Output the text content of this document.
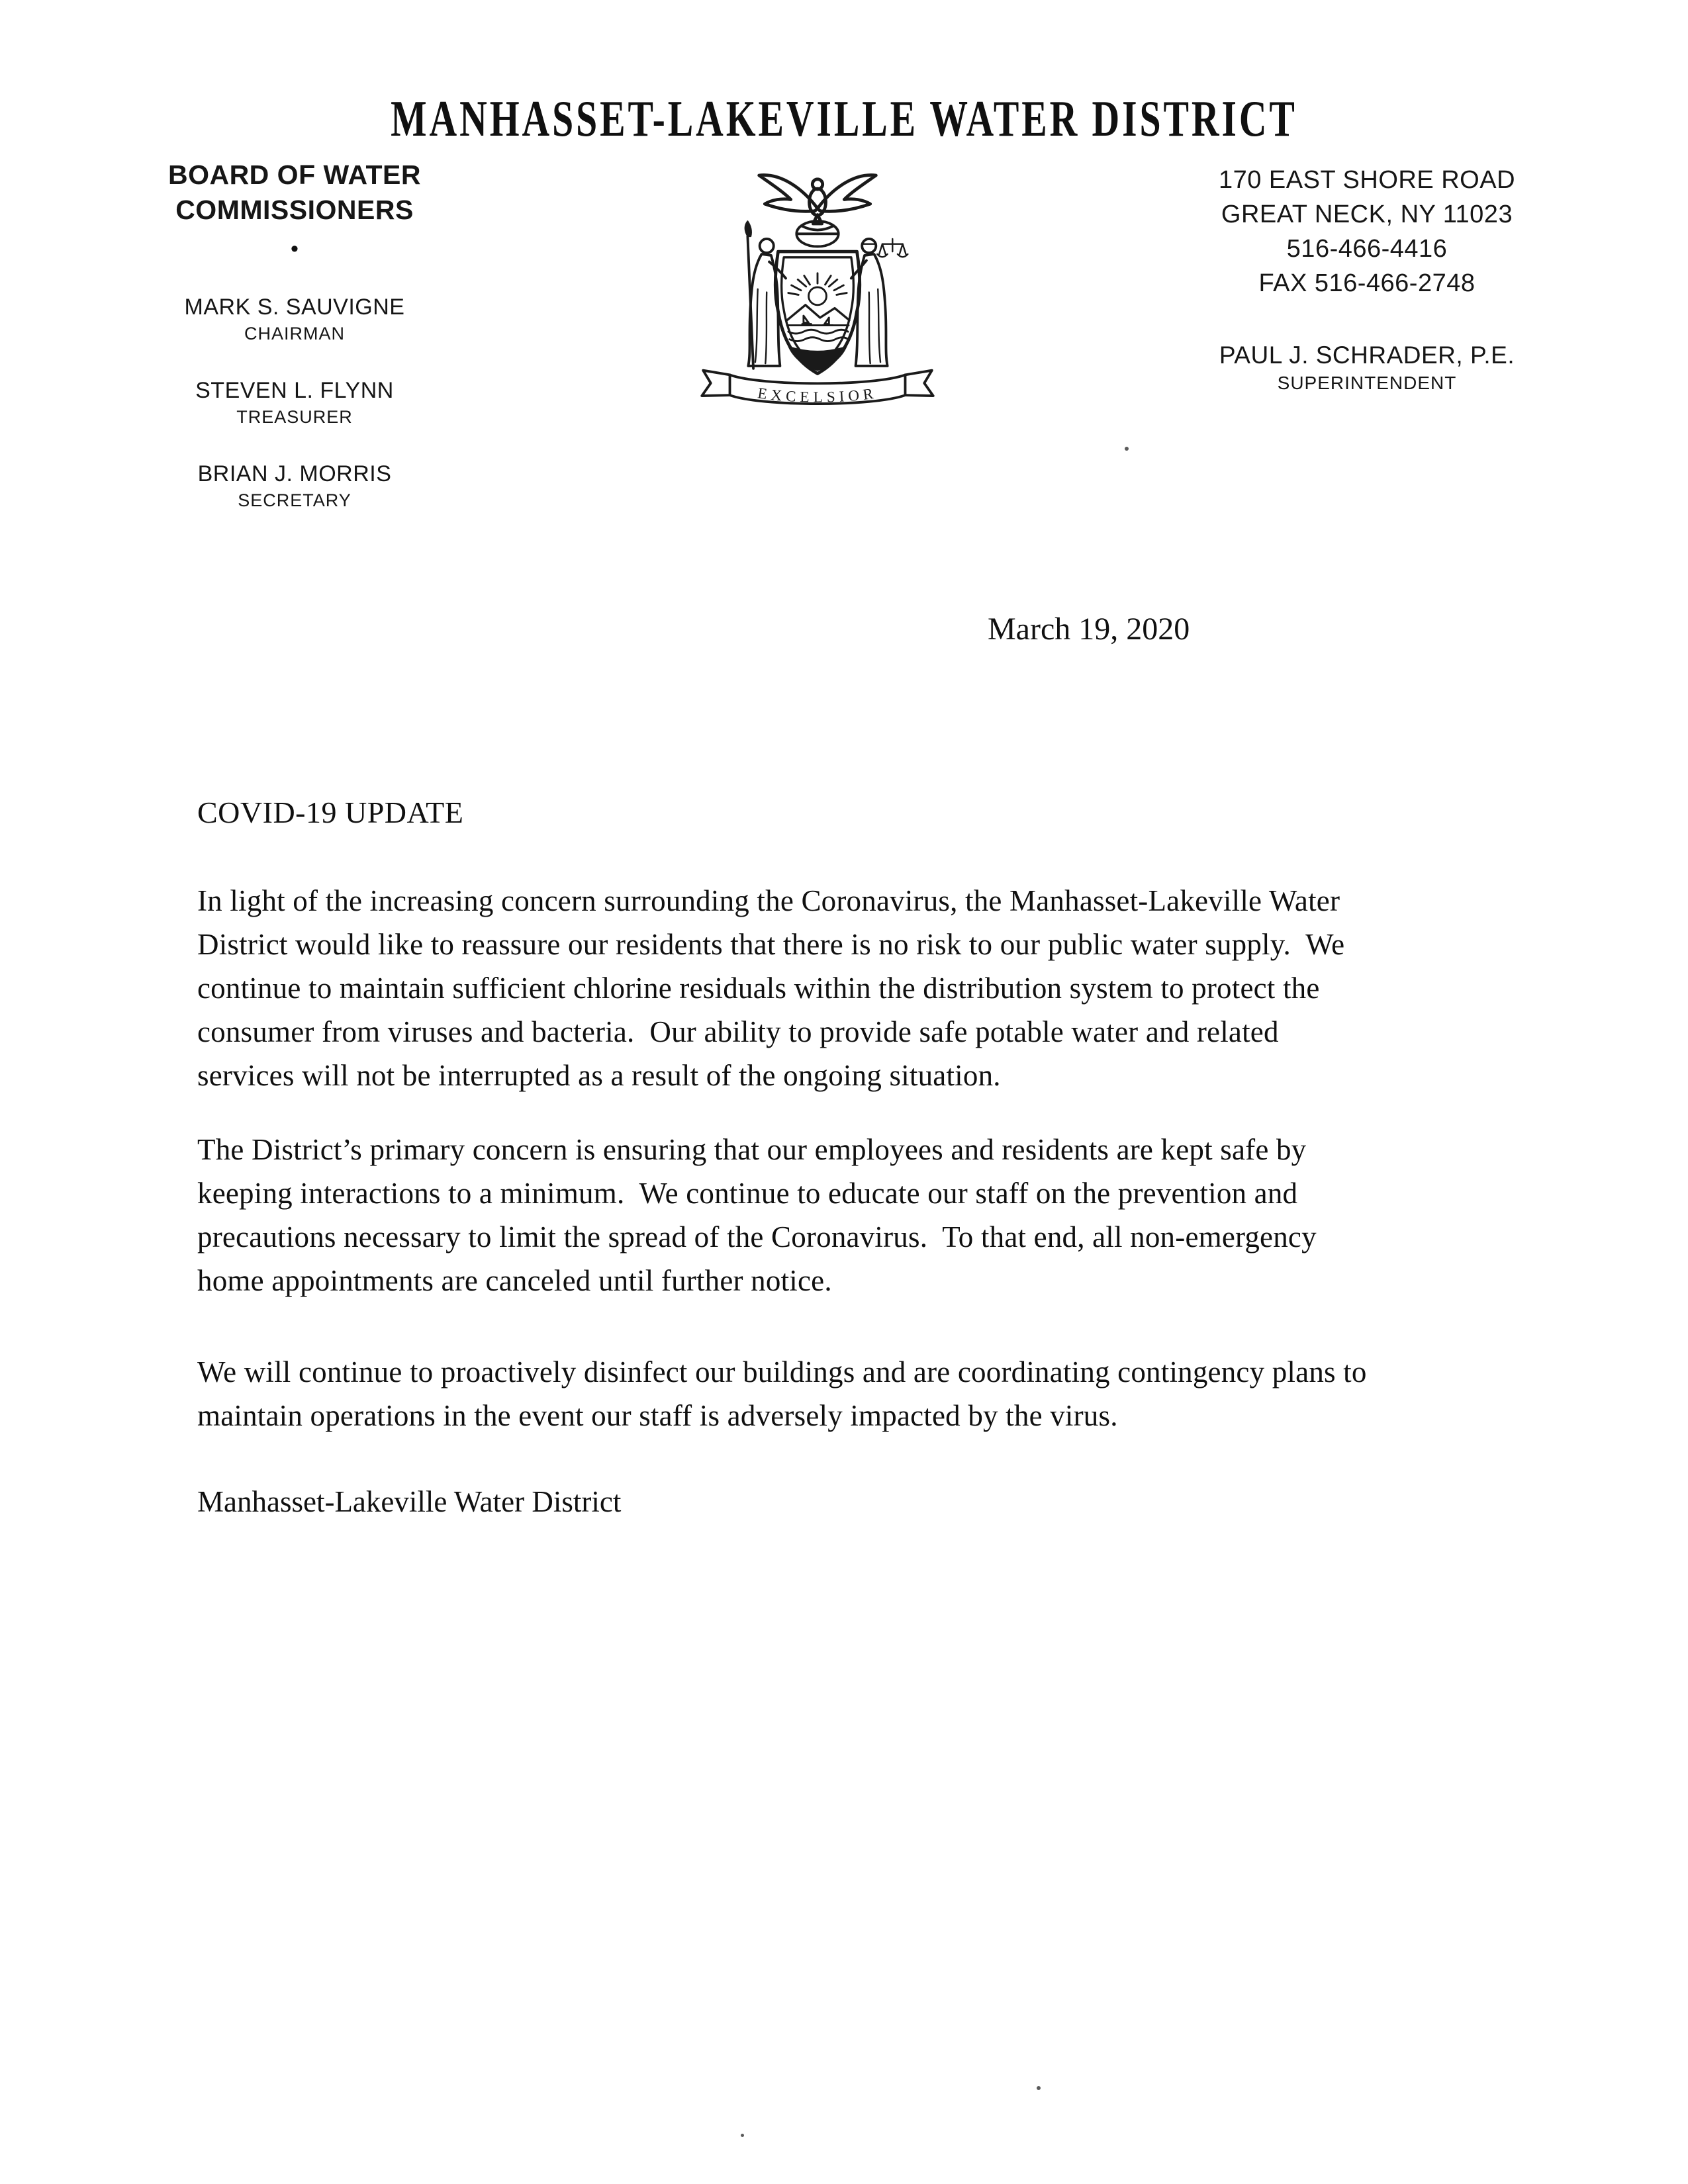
MANHASSET-LAKEVILLE WATER DISTRICT
BOARD OF WATER
COMMISSIONERS
•
MARK S. SAUVIGNE
CHAIRMAN
STEVEN L. FLYNN
TREASURER
BRIAN J. MORRIS
SECRETARY
EXCELSIOR
170 EAST SHORE ROAD
GREAT NECK, NY 11023
516-466-4416
FAX 516-466-2748
PAUL J. SCHRADER, P.E.
SUPERINTENDENT
March 19, 2020
COVID-19 UPDATE
In light of the increasing concern surrounding the Coronavirus, the Manhasset-Lakeville Water
District would like to reassure our residents that there is no risk to our public water supply.  We
continue to maintain sufficient chlorine residuals within the distribution system to protect the
consumer from viruses and bacteria.  Our ability to provide safe potable water and related
services will not be interrupted as a result of the ongoing situation.
The District’s primary concern is ensuring that our employees and residents are kept safe by
keeping interactions to a minimum.  We continue to educate our staff on the prevention and
precautions necessary to limit the spread of the Coronavirus.  To that end, all non-emergency
home appointments are canceled until further notice.
We will continue to proactively disinfect our buildings and are coordinating contingency plans to
maintain operations in the event our staff is adversely impacted by the virus.
Manhasset-Lakeville Water District
